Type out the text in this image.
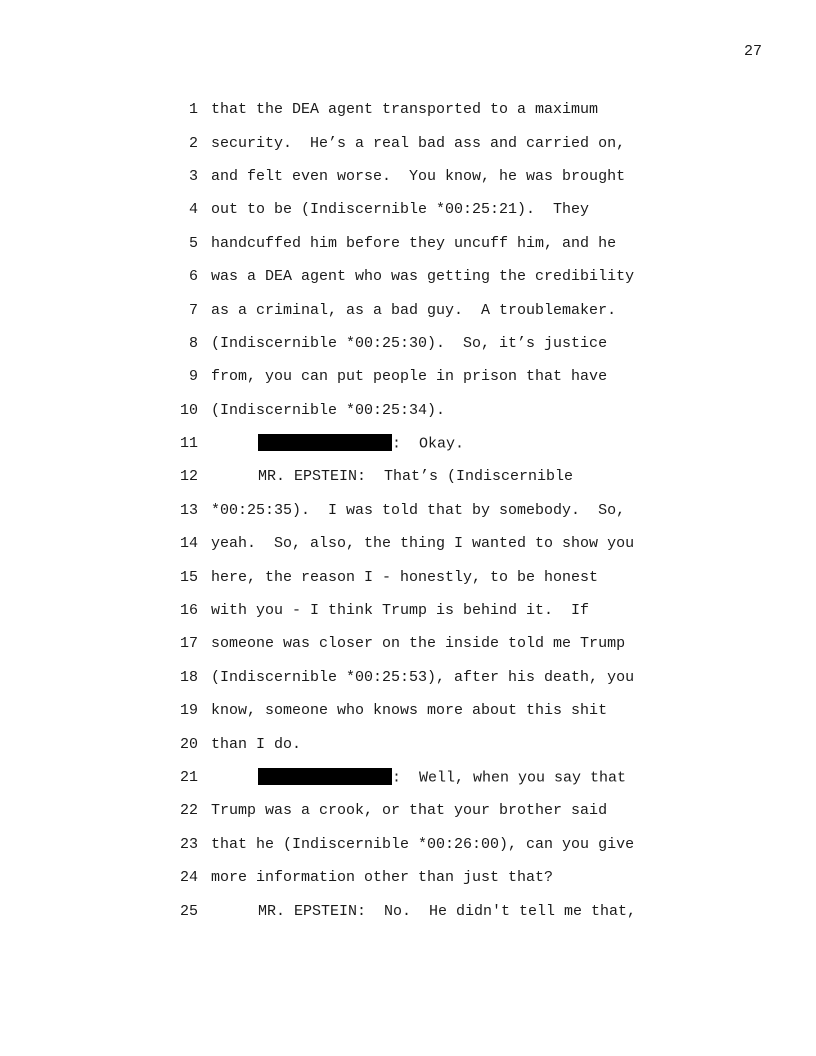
27
1 that the DEA agent transported to a maximum
2 security.  He’s a real bad ass and carried on,
3 and felt even worse.  You know, he was brought
4 out to be (Indiscernible *00:25:21).  They
5 handcuffed him before they uncuff him, and he
6 was a DEA agent who was getting the credibility
7 as a criminal, as a bad guy.  A troublemaker.
8 (Indiscernible *00:25:30).  So, it’s justice
9 from, you can put people in prison that have
10 (Indiscernible *00:25:34).
11	:  Okay.
12	MR. EPSTEIN:  That’s (Indiscernible
13 *00:25:35).  I was told that by somebody.  So,
14 yeah.  So, also, the thing I wanted to show you
15 here, the reason I - honestly, to be honest
16 with you - I think Trump is behind it.  If
17 someone was closer on the inside told me Trump
18 (Indiscernible *00:25:53), after his death, you
19 know, someone who knows more about this shit
20 than I do.
21	:  Well, when you say that
22 Trump was a crook, or that your brother said
23 that he (Indiscernible *00:26:00), can you give
24 more information other than just that?
25	MR. EPSTEIN:  No.  He didn't tell me that,
